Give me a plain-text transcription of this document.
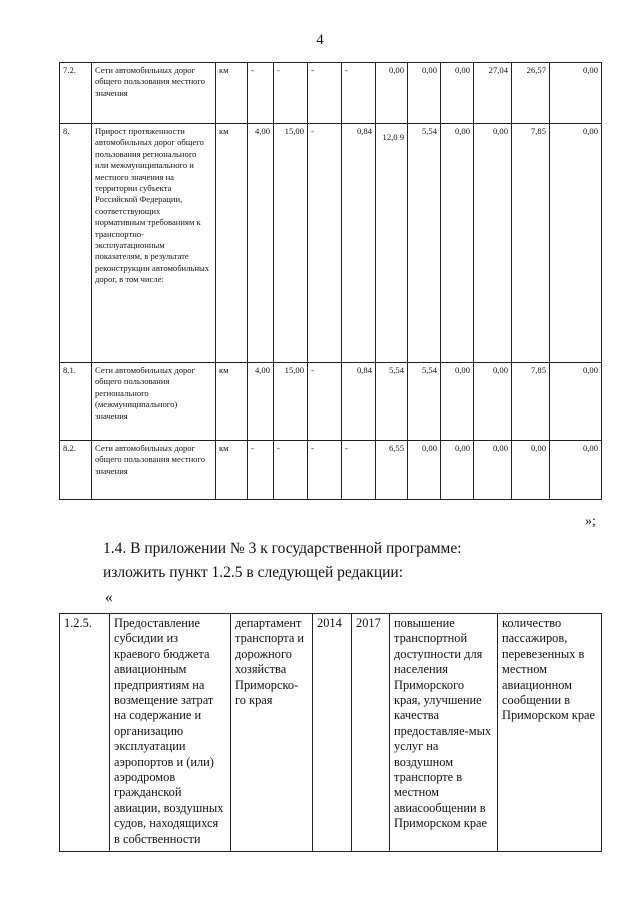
4
7.2.	Сети автомобильных дорог общего пользования местного значения	км	-	-	-	-	0,00	0,00	0,00	27,04	26,57	0,00
8.	Прирост протяженности автомобильных дорог общего пользования регионального или межмуниципального и местного значения на территории субъекта Российской Федерации, соответствующих нормативным требованиям к транспортно-эксплуатационным показателям, в результате реконструкции автомобильных дорог, в том числе:	км	4,00	15,00	-	0,84	12,0 9	5,54	0,00	0,00	7,85	0,00
8.1.	Сети автомобильных дорог общего пользования регионального (межмуниципального) значения	км	4,00	15,00	-	0,84	5,54	5,54	0,00	0,00	7,85	0,00
8.2.	Сети автомобильных дорог общего пользования местного значения	км	-	-	-	-	6,55	0,00	0,00	0,00	0,00	0,00
»;
1.4. В приложении № 3 к государственной программе:
изложить пункт 1.2.5 в следующей редакции:
«
1.2.5.	Предоставление субсидии из краевого бюджета авиационным предприятиям на возмещение затрат на содержание и организацию эксплуатации аэропортов и (или) аэродромов гражданской авиации, воздушных судов, находящихся в собственности	департамент транспорта и дорожного хозяйства Приморско-го края	2014	2017	повышение транспортной доступности для населения Приморского края, улучшение качества предоставляе-мых услуг на воздушном транспорте в местном авиасообщении в Приморском крае	количество пассажиров, перевезенных в местном авиационном сообщении в Приморском крае
